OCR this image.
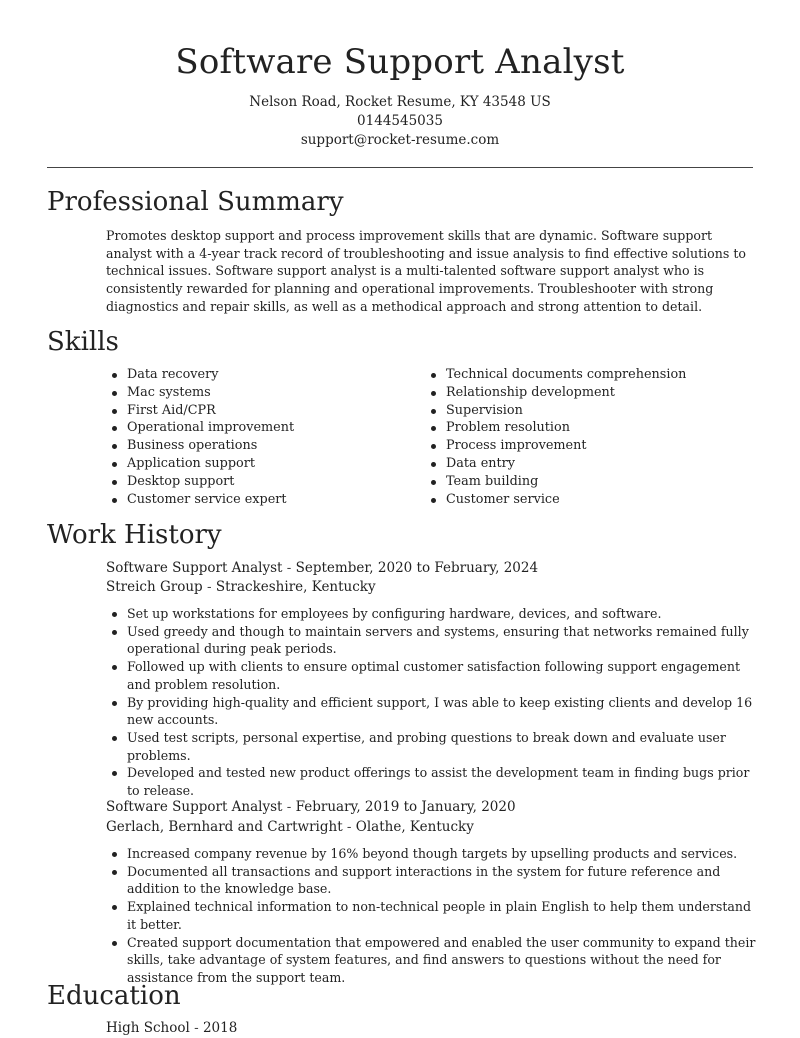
Software Support Analyst
Nelson Road, Rocket Resume, KY 43548 US
0144545035
support@rocket-resume.com
Professional Summary
Promotes desktop support and process improvement skills that are dynamic. Software support analyst with a 4-year track record of troubleshooting and issue analysis to find effective solutions to technical issues. Software support analyst is a multi-talented software support analyst who is consistently rewarded for planning and operational improvements. Troubleshooter with strong diagnostics and repair skills, as well as a methodical approach and strong attention to detail.
Skills
Data recovery
Mac systems
First Aid/CPR
Operational improvement
Business operations
Application support
Desktop support
Customer service expert
Technical documents comprehension
Relationship development
Supervision
Problem resolution
Process improvement
Data entry
Team building
Customer service
Work History
Software Support Analyst - September, 2020 to February, 2024
Streich Group - Strackeshire, Kentucky
Set up workstations for employees by configuring hardware, devices, and software.
Used greedy and though to maintain servers and systems, ensuring that networks remained fully operational during peak periods.
Followed up with clients to ensure optimal customer satisfaction following support engagement and problem resolution.
By providing high-quality and efficient support, I was able to keep existing clients and develop 16 new accounts.
Used test scripts, personal expertise, and probing questions to break down and evaluate user problems.
Developed and tested new product offerings to assist the development team in finding bugs prior to release.
Software Support Analyst - February, 2019 to January, 2020
Gerlach, Bernhard and Cartwright - Olathe, Kentucky
Increased company revenue by 16% beyond though targets by upselling products and services.
Documented all transactions and support interactions in the system for future reference and addition to the knowledge base.
Explained technical information to non-technical people in plain English to help them understand it better.
Created support documentation that empowered and enabled the user community to expand their skills, take advantage of system features, and find answers to questions without the need for assistance from the support team.
Education
High School - 2018
